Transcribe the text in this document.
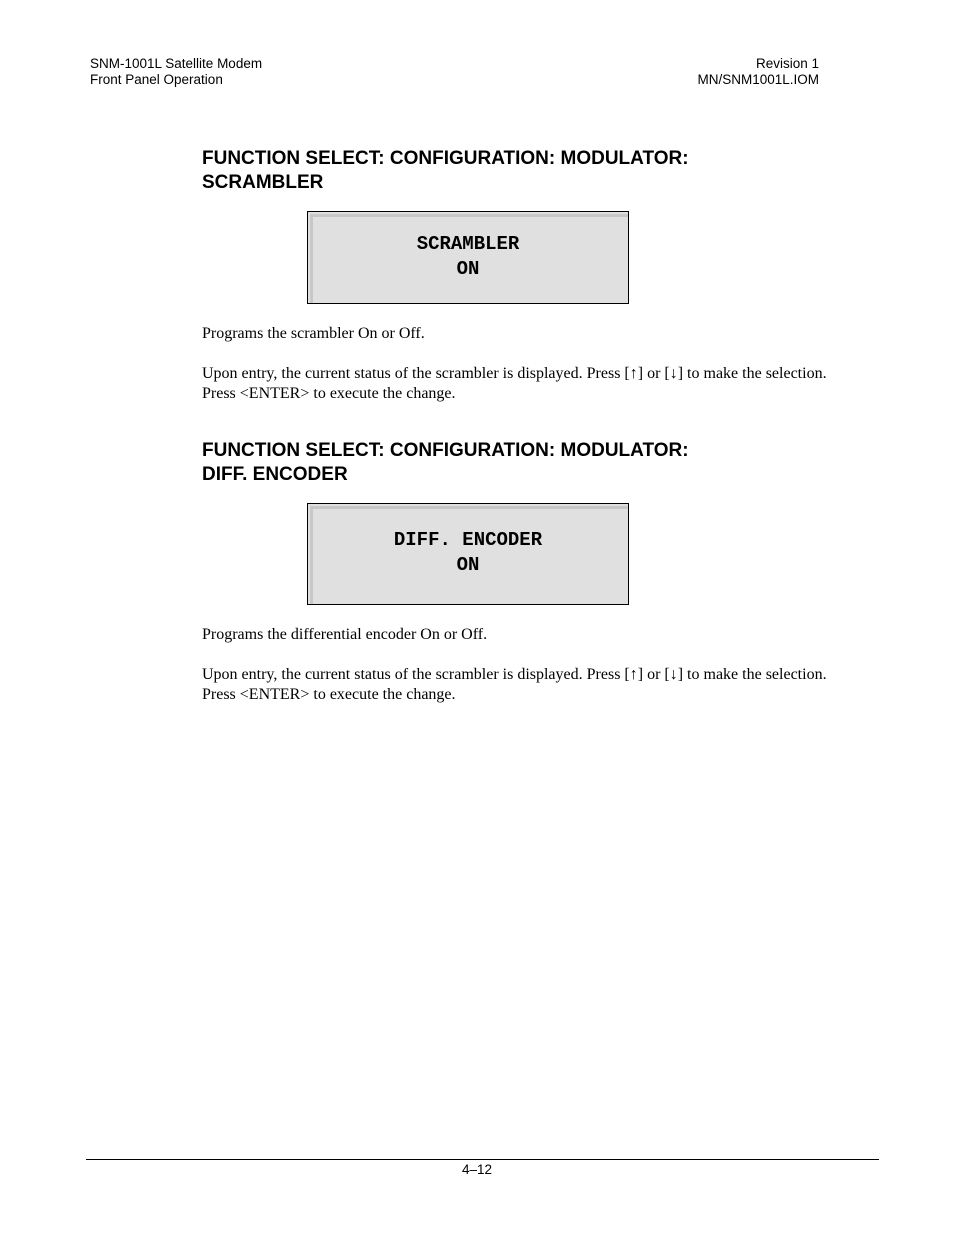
SNM-1001L Satellite Modem
Front Panel Operation
Revision 1
MN/SNM1001L.IOM
FUNCTION SELECT: CONFIGURATION: MODULATOR:
SCRAMBLER
SCRAMBLER
ON

Programs the scrambler On or Off.

Upon entry, the current status of the scrambler is displayed. Press [↑] or [↓] to make the selection.
Press <ENTER> to execute the change.

FUNCTION SELECT: CONFIGURATION: MODULATOR:
DIFF. ENCODER
DIFF. ENCODER
ON

Programs the differential encoder On or Off.

Upon entry, the current status of the scrambler is displayed. Press [↑] or [↓] to make the selection.
Press <ENTER> to execute the change.

4–12
